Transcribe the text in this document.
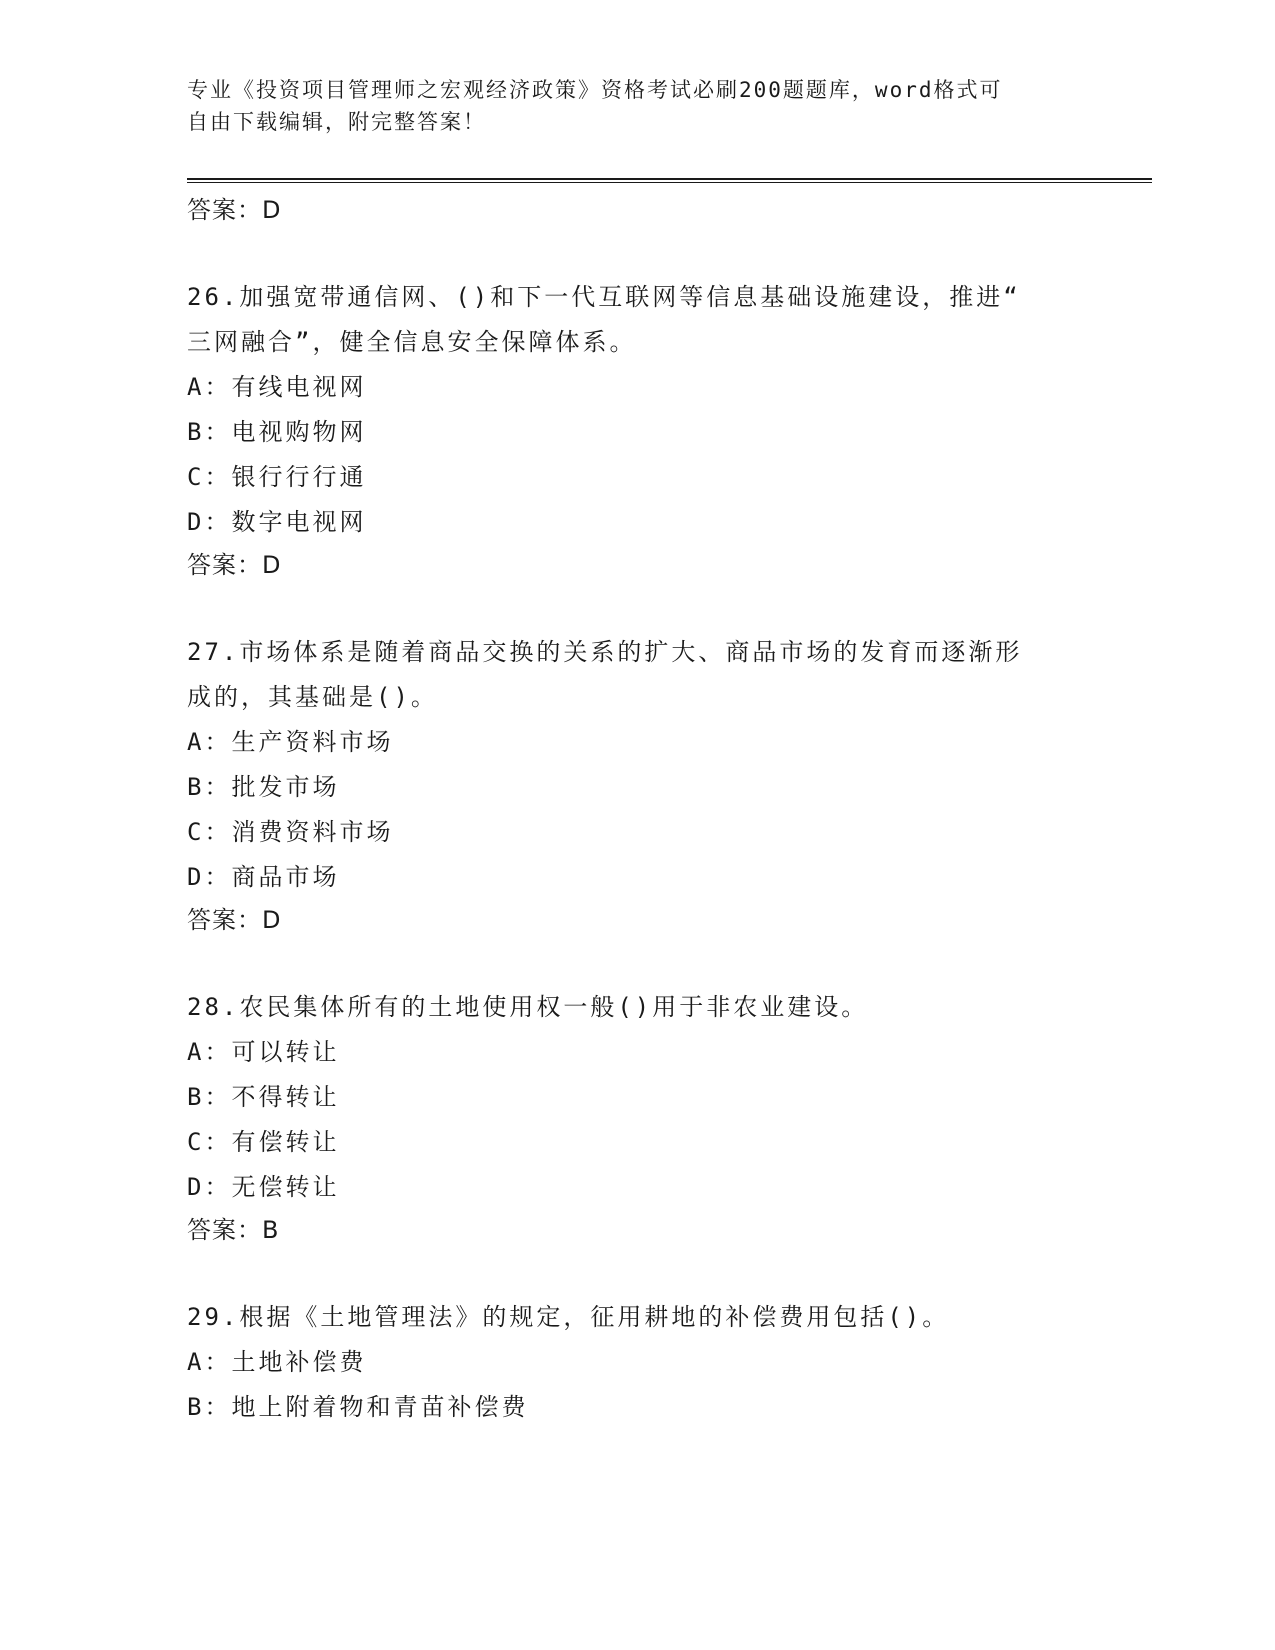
专业《投资项目管理师之宏观经济政策》资格考试必刷200题题库，word格式可
自由下载编辑，附完整答案！
答案：D
26.加强宽带通信网、()和下一代互联网等信息基础设施建设，推进“
三网融合”，健全信息安全保障体系。
A：有线电视网
B：电视购物网
C：银行行行通
D：数字电视网
答案：D
27.市场体系是随着商品交换的关系的扩大、商品市场的发育而逐渐形
成的，其基础是()。
A：生产资料市场
B：批发市场
C：消费资料市场
D：商品市场
答案：D
28.农民集体所有的土地使用权一般()用于非农业建设。
A：可以转让
B：不得转让
C：有偿转让
D：无偿转让
答案：B
29.根据《土地管理法》的规定，征用耕地的补偿费用包括()。
A：土地补偿费
B：地上附着物和青苗补偿费
